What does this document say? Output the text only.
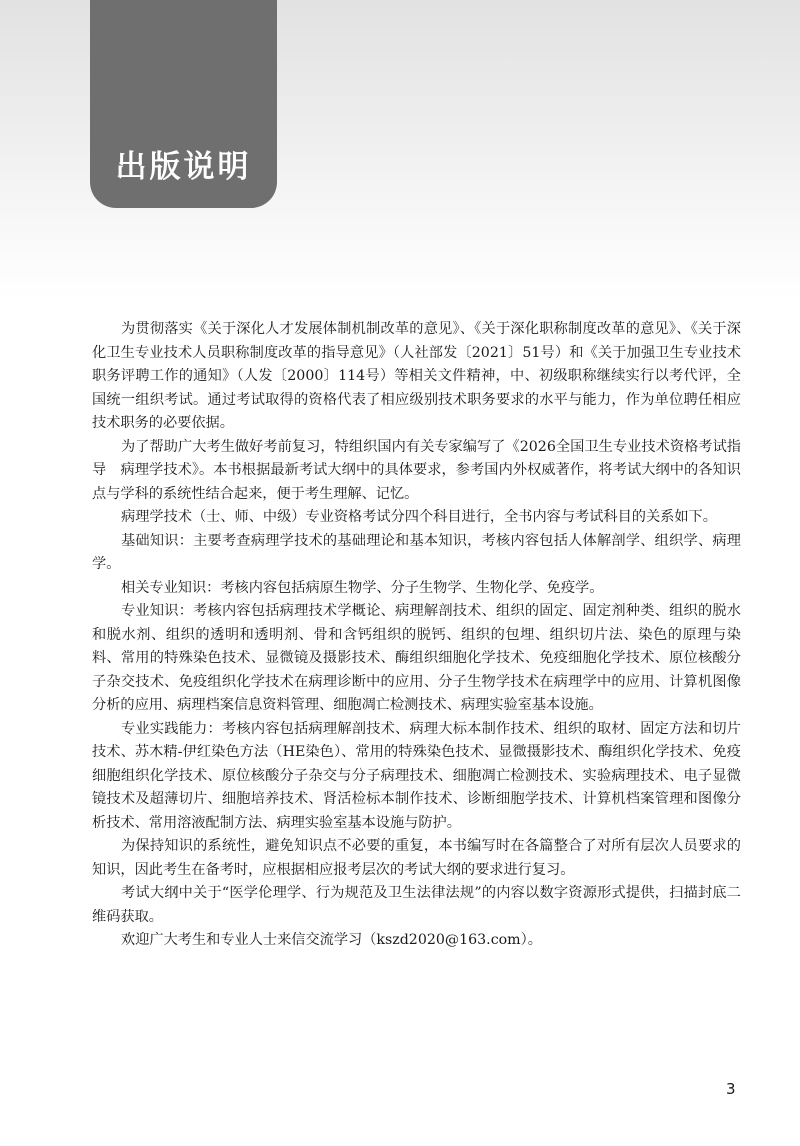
出版说明

为贯彻落实《关于深化人才发展体制机制改革的意见》、《关于深化职称制度改革的意见》、《关于深化卫生专业技术人员职称制度改革的指导意见》（人社部发〔2021〕51号）和《关于加强卫生专业技术职务评聘工作的通知》（人发〔2000〕114号）等相关文件精神，中、初级职称继续实行以考代评，全国统一组织考试。通过考试取得的资格代表了相应级别技术职务要求的水平与能力，作为单位聘任相应技术职务的必要依据。

为了帮助广大考生做好考前复习，特组织国内有关专家编写了《2026全国卫生专业技术资格考试指导　病理学技术》。本书根据最新考试大纲中的具体要求，参考国内外权威著作，将考试大纲中的各知识点与学科的系统性结合起来，便于考生理解、记忆。

病理学技术（士、师、中级）专业资格考试分四个科目进行，全书内容与考试科目的关系如下。

基础知识：主要考查病理学技术的基础理论和基本知识，考核内容包括人体解剖学、组织学、病理学。

相关专业知识：考核内容包括病原生物学、分子生物学、生物化学、免疫学。

专业知识：考核内容包括病理技术学概论、病理解剖技术、组织的固定、固定剂种类、组织的脱水和脱水剂、组织的透明和透明剂、骨和含钙组织的脱钙、组织的包埋、组织切片法、染色的原理与染料、常用的特殊染色技术、显微镜及摄影技术、酶组织细胞化学技术、免疫细胞化学技术、原位核酸分子杂交技术、免疫组织化学技术在病理诊断中的应用、分子生物学技术在病理学中的应用、计算机图像分析的应用、病理档案信息资料管理、细胞凋亡检测技术、病理实验室基本设施。

专业实践能力：考核内容包括病理解剖技术、病理大标本制作技术、组织的取材、固定方法和切片技术、苏木精-伊红染色方法（HE染色）、常用的特殊染色技术、显微摄影技术、酶组织化学技术、免疫细胞组织化学技术、原位核酸分子杂交与分子病理技术、细胞凋亡检测技术、实验病理技术、电子显微镜技术及超薄切片、细胞培养技术、肾活检标本制作技术、诊断细胞学技术、计算机档案管理和图像分析技术、常用溶液配制方法、病理实验室基本设施与防护。

为保持知识的系统性，避免知识点不必要的重复，本书编写时在各篇整合了对所有层次人员要求的知识，因此考生在备考时，应根据相应报考层次的考试大纲的要求进行复习。

考试大纲中关于“医学伦理学、行为规范及卫生法律法规”的内容以数字资源形式提供，扫描封底二维码获取。

欢迎广大考生和专业人士来信交流学习（kszd2020@163.com）。

3
